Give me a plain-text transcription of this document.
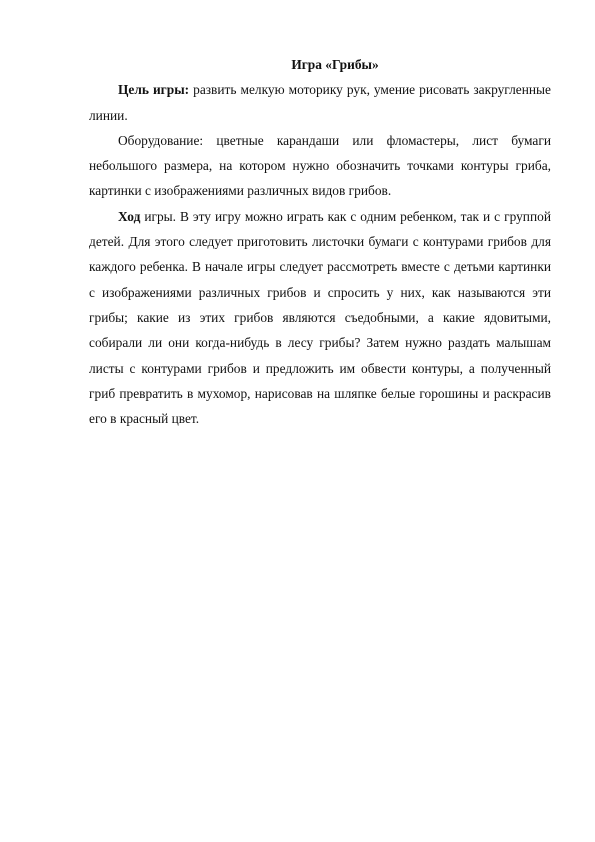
Игра «Грибы»

Цель игры: развить мелкую моторику рук, умение рисовать закругленные линии.

Оборудование: цветные карандаши или фломастеры, лист бумаги небольшого размера, на котором нужно обозначить точками контуры гриба, картинки с изображениями различных видов грибов.

Ход игры. В эту игру можно играть как с одним ребенком, так и с группой детей. Для этого следует приготовить листочки бумаги с контурами грибов для каждого ребенка. В начале игры следует рассмотреть вместе с детьми картинки с изображениями различных грибов и спросить у них, как называются эти грибы; какие из этих грибов являются съедобными, а какие ядовитыми, собирали ли они когда-нибудь в лесу грибы? Затем нужно раздать малышам листы с контурами грибов и предложить им обвести контуры, а полученный гриб превратить в мухомор, нарисовав на шляпке белые горошины и раскрасив его в красный цвет.
